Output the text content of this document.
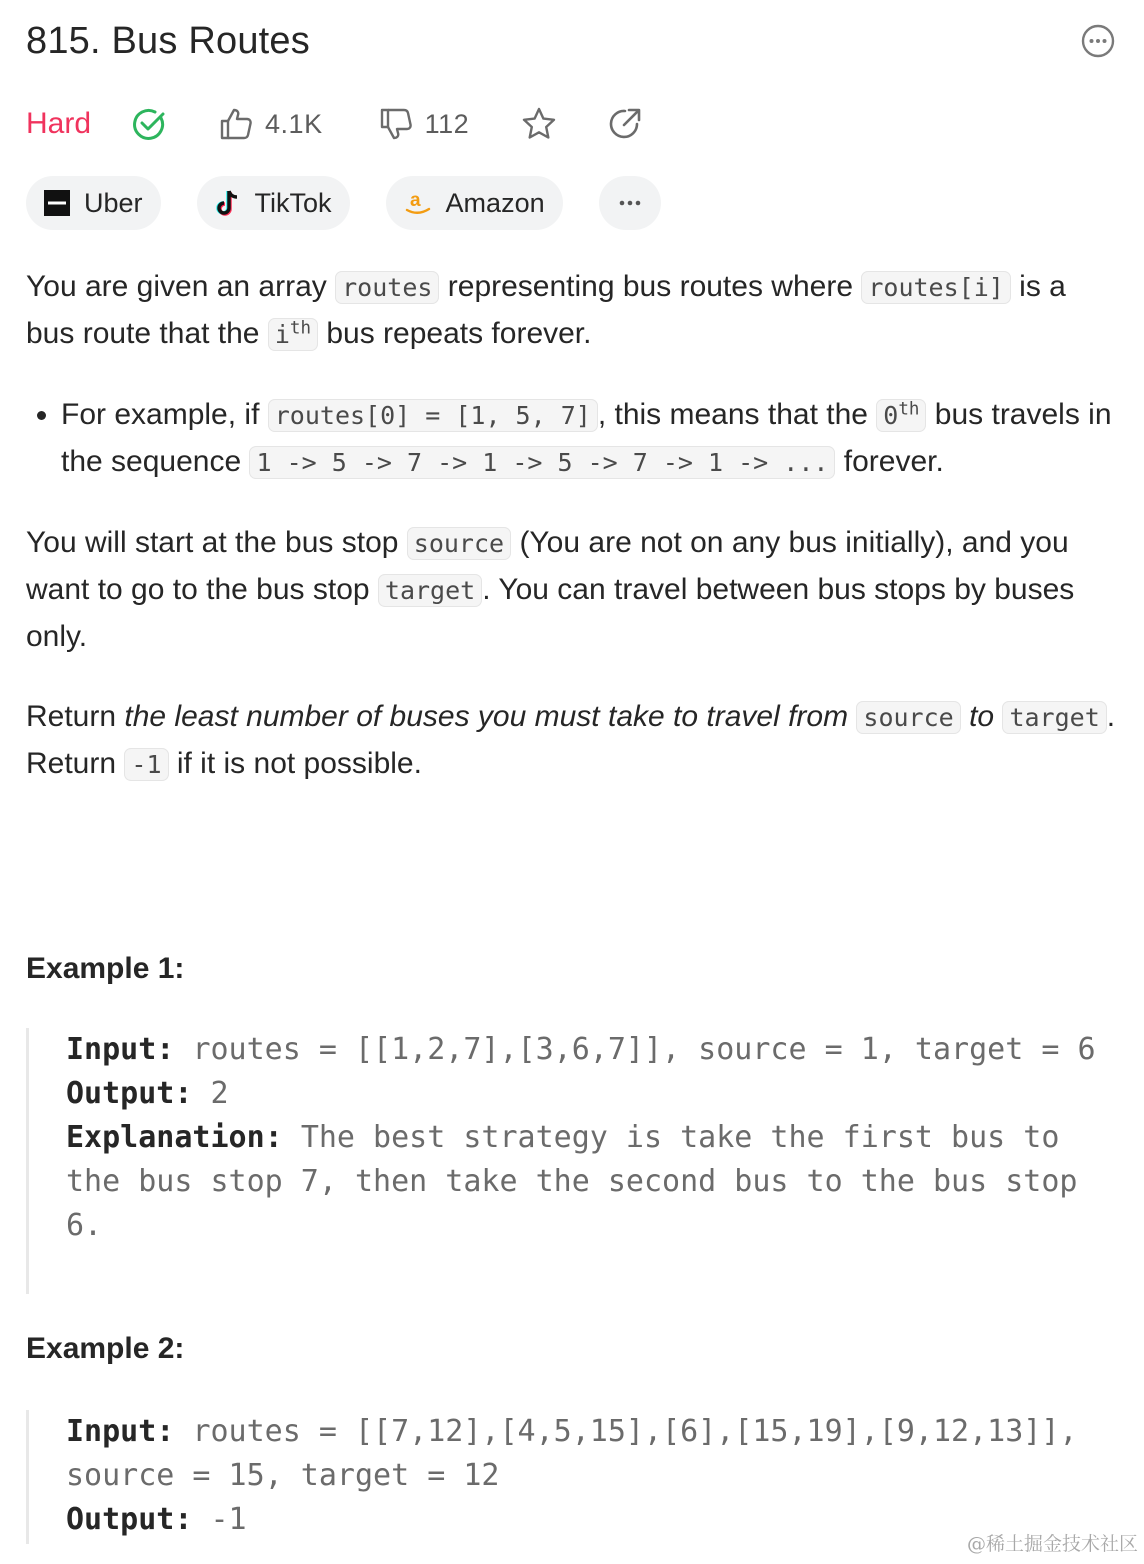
815. Bus Routes
Hard	4.1K	112
Uber	TikTok	a Amazon

You are given an array routes representing bus routes where routes[i] is a bus route that the $i^{th}$ bus repeats forever.

• For example, if routes[0] = [1, 5, 7] , this means that the 0th bus travels in the sequence 1 -> 5 -> 7 -> 1 -> 5 -> 7 -> 1 -> ... forever.

You will start at the bus stop source (You are not on any bus initially), and you want to go to the bus stop target . You can travel between bus stops by buses only.

Return the least number of buses you must take to travel from source to target . Return -1 if it is not possible.

Example 1:
Input: routes = [[1,2,7],[3,6,7]], source = 1, target = 6
Output: 2
Explanation: The best strategy is take the first bus to the bus stop 7, then take the second bus to the bus stop 6.
Example 2:
Input: routes = [[7,12],[4,5,15],[6],[15,19],[9,12,13]], source = 15, target = 12
Output: -1
@稀土掘金技术社区
